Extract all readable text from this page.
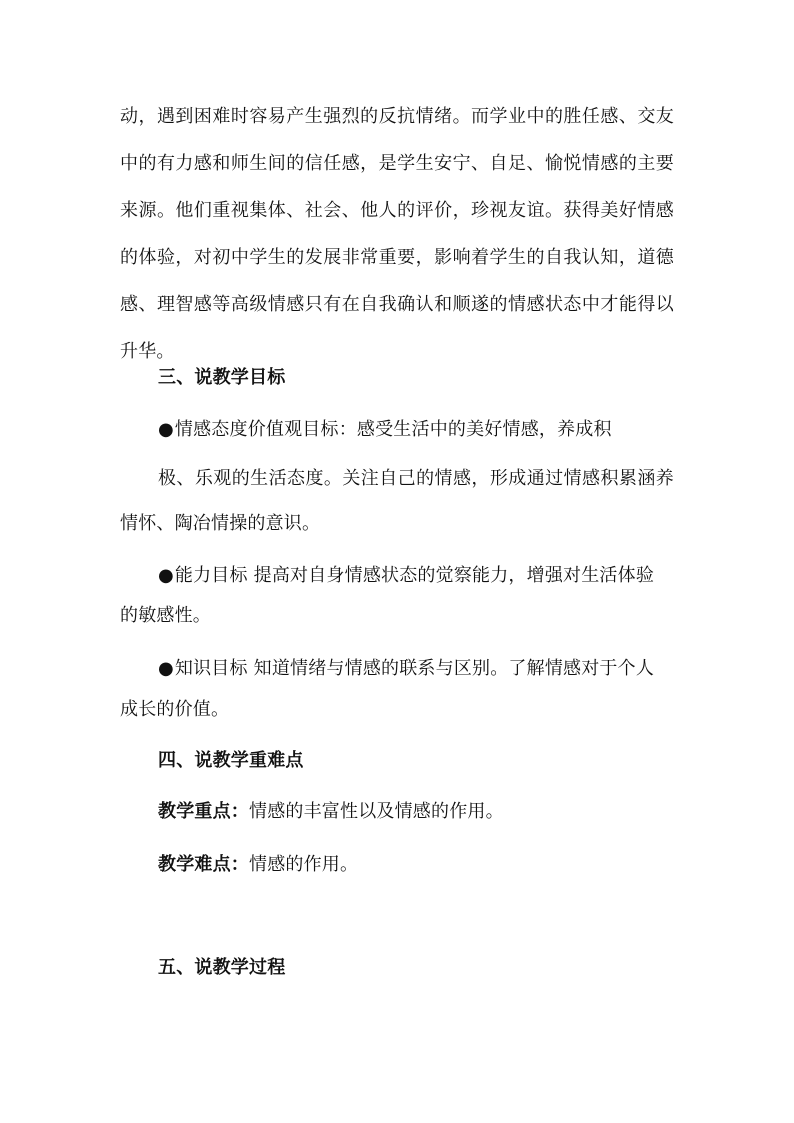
动，遇到困难时容易产生强烈的反抗情绪。而学业中的胜任感、交友
中的有力感和师生间的信任感，是学生安宁、自足、愉悦情感的主要
来源。他们重视集体、社会、他人的评价，珍视友谊。获得美好情感
的体验，对初中学生的发展非常重要，影响着学生的自我认知，道德
感、理智感等高级情感只有在自我确认和顺遂的情感状态中才能得以
升华。
三、说教学目标
●情感态度价值观目标：感受生活中的美好情感，养成积
极、乐观的生活态度。关注自己的情感，形成通过情感积累涵养
情怀、陶冶情操的意识。
●能力目标 提高对自身情感状态的觉察能力，增强对生活体验
的敏感性。
●知识目标 知道情绪与情感的联系与区别。了解情感对于个人
成长的价值。
四、说教学重难点
教学重点：情感的丰富性以及情感的作用。
教学难点：情感的作用。
五、说教学过程
